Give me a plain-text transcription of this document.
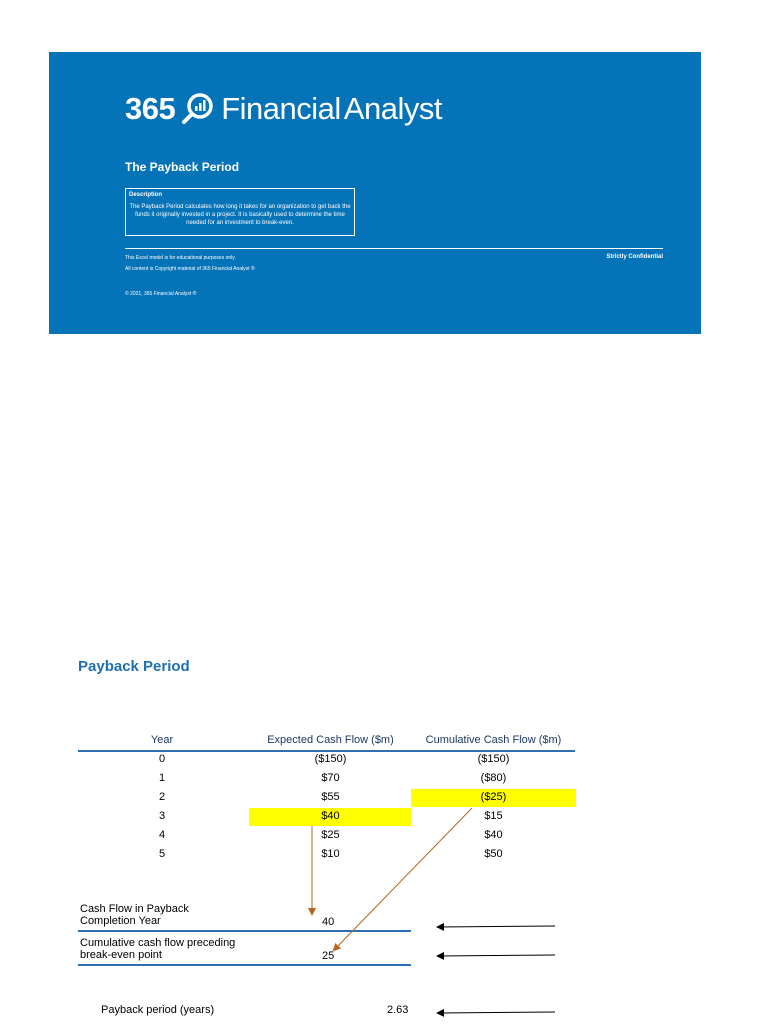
365 Financial Analyst
The Payback Period
Description
The Payback Period calculates how long it takes for an organization to get back the funds it originally invested in a project. It is basically used to determine the time needed for an investment to break-even.
This Excel model is for educational purposes only.
All content is Copyright material of 365 Financial Analyst ®
© 2021, 365 Financial Analyst ®
Strictly Confidential
Payback Period
Year	Expected Cash Flow ($m)	Cumulative Cash Flow ($m)
0	($150)	($150)
1	$70	($80)
2	$55	($25)
3	$40	$15
4	$25	$40
5	$10	$50
Cash Flow in Payback
Completion Year	40
Cumulative cash flow preceding
break-even point	25
Payback period (years)	2.63
